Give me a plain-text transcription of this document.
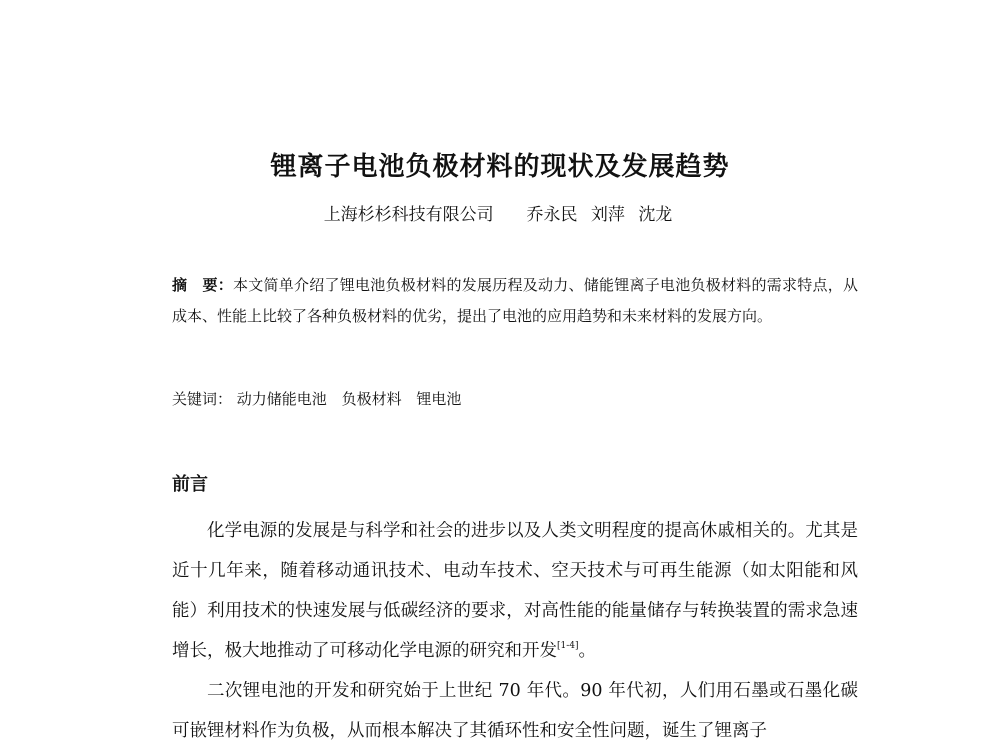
锂离子电池负极材料的现状及发展趋势
上海杉杉科技有限公司 乔永民 刘萍 沈龙
摘　要：本文简单介绍了锂电池负极材料的发展历程及动力、储能锂离子电池负极材料的需求特点，从成本、性能上比较了各种负极材料的优劣，提出了电池的应用趋势和未来材料的发展方向。
关键词： 动力储能电池 负极材料 锂电池
前言

化学电源的发展是与科学和社会的进步以及人类文明程度的提高休戚相关的。尤其是近十几年来，随着移动通讯技术、电动车技术、空天技术与可再生能源（如太阳能和风能）利用技术的快速发展与低碳经济的要求，对高性能的能量储存与转换装置的需求急速增长，极大地推动了可移动化学电源的研究和开发[1-4]。

二次锂电池的开发和研究始于上世纪 70 年代。90 年代初，人们用石墨或石墨化碳可嵌锂材料作为负极，从而根本解决了其循环性和安全性问题，诞生了锂离子
